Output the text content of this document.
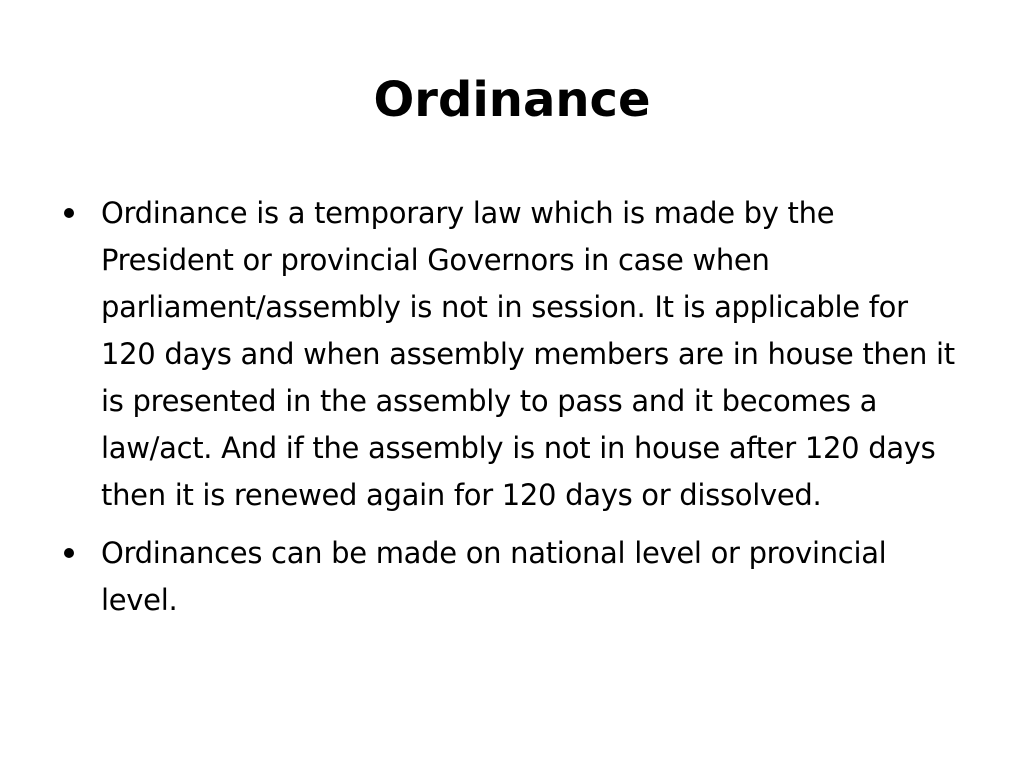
Ordinance
Ordinance is a temporary law which is made by the President or provincial Governors in case when parliament/assembly is not in session. It is applicable for 120 days and when assembly members are in house then it is presented in the assembly to pass and it becomes a law/act. And if the assembly is not in house after 120 days then it is renewed again for 120 days or dissolved.
Ordinances can be made on national level or provincial level.
